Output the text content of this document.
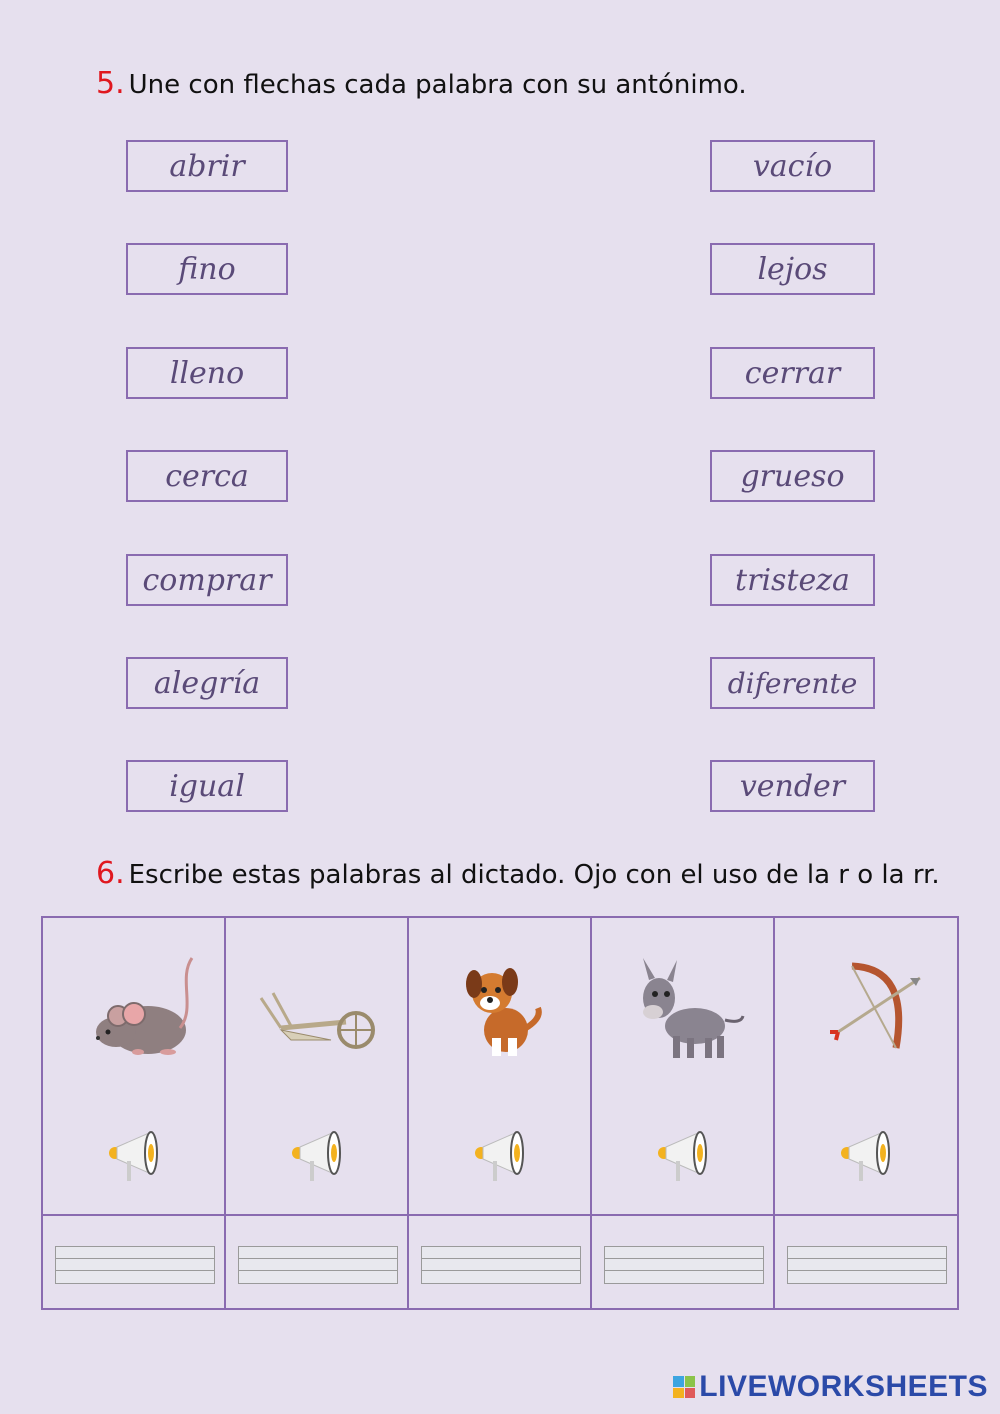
5. Une con flechas cada palabra con su antónimo.
abrir
fino
lleno
cerca
comprar
alegría
igual
vacío
lejos
cerrar
grueso
tristeza
diferente
vender
6. Escribe estas palabras al dictado. Ojo con el uso de la r o la rr.
LIVEWORKSHEETS
